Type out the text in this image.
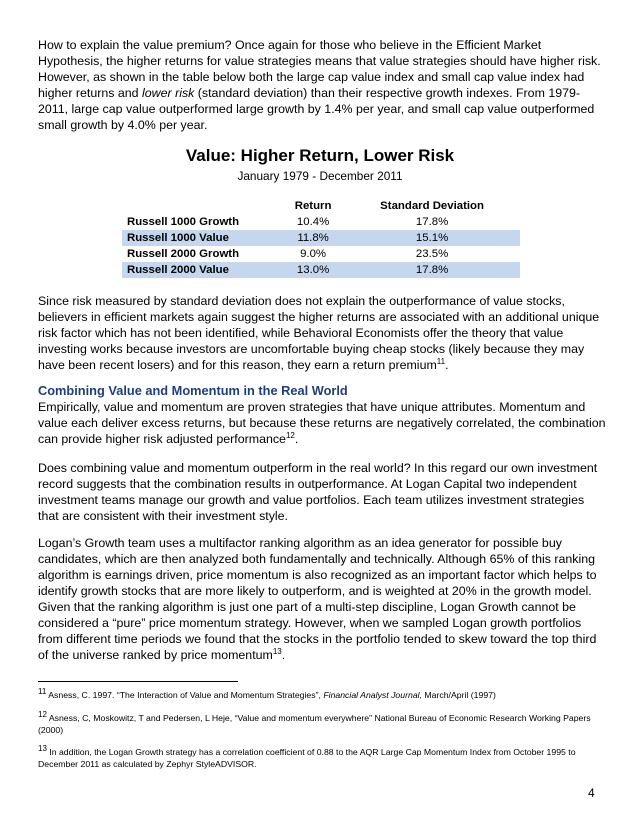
How to explain the value premium? Once again for those who believe in the Efficient Market Hypothesis, the higher returns for value strategies means that value strategies should have higher risk. However, as shown in the table below both the large cap value index and small cap value index had higher returns and lower risk (standard deviation) than their respective growth indexes. From 1979-2011, large cap value outperformed large growth by 1.4% per year, and small cap value outperformed small growth by 4.0% per year.

Value: Higher Return, Lower Risk
January 1979 - December 2011
	Return	Standard Deviation
Russell 1000 Growth	10.4%	17.8%
Russell 1000 Value	11.8%	15.1%
Russell 2000 Growth	9.0%	23.5%
Russell 2000 Value	13.0%	17.8%

Since risk measured by standard deviation does not explain the outperformance of value stocks, believers in efficient markets again suggest the higher returns are associated with an additional unique risk factor which has not been identified, while Behavioral Economists offer the theory that value investing works because investors are uncomfortable buying cheap stocks (likely because they may have been recent losers) and for this reason, they earn a return premium$^{11}$.

Combining Value and Momentum in the Real World

Empirically, value and momentum are proven strategies that have unique attributes. Momentum and value each deliver excess returns, but because these returns are negatively correlated, the combination can provide higher risk adjusted performance$^{12}$.

Does combining value and momentum outperform in the real world? In this regard our own investment record suggests that the combination results in outperformance. At Logan Capital two independent investment teams manage our growth and value portfolios. Each team utilizes investment strategies that are consistent with their investment style.

Logan’s Growth team uses a multifactor ranking algorithm as an idea generator for possible buy candidates, which are then analyzed both fundamentally and technically. Although 65% of this ranking algorithm is earnings driven, price momentum is also recognized as an important factor which helps to identify growth stocks that are more likely to outperform, and is weighted at 20% in the growth model. Given that the ranking algorithm is just one part of a multi-step discipline, Logan Growth cannot be considered a “pure” price momentum strategy. However, when we sampled Logan growth portfolios from different time periods we found that the stocks in the portfolio tended to skew toward the top third of the universe ranked by price momentum$^{13}$.

$^{11}$ Asness, C. 1997. “The Interaction of Value and Momentum Strategies”, Financial Analyst Journal, March/April (1997)
$^{12}$ Asness, C, Moskowitz, T and Pedersen, L Heje, “Value and momentum everywhere” National Bureau of Economic Research Working Papers (2000)
$^{13}$ In addition, the Logan Growth strategy has a correlation coefficient of 0.88 to the AQR Large Cap Momentum Index from October 1995 to December 2011 as calculated by Zephyr StyleADVISOR.
4
